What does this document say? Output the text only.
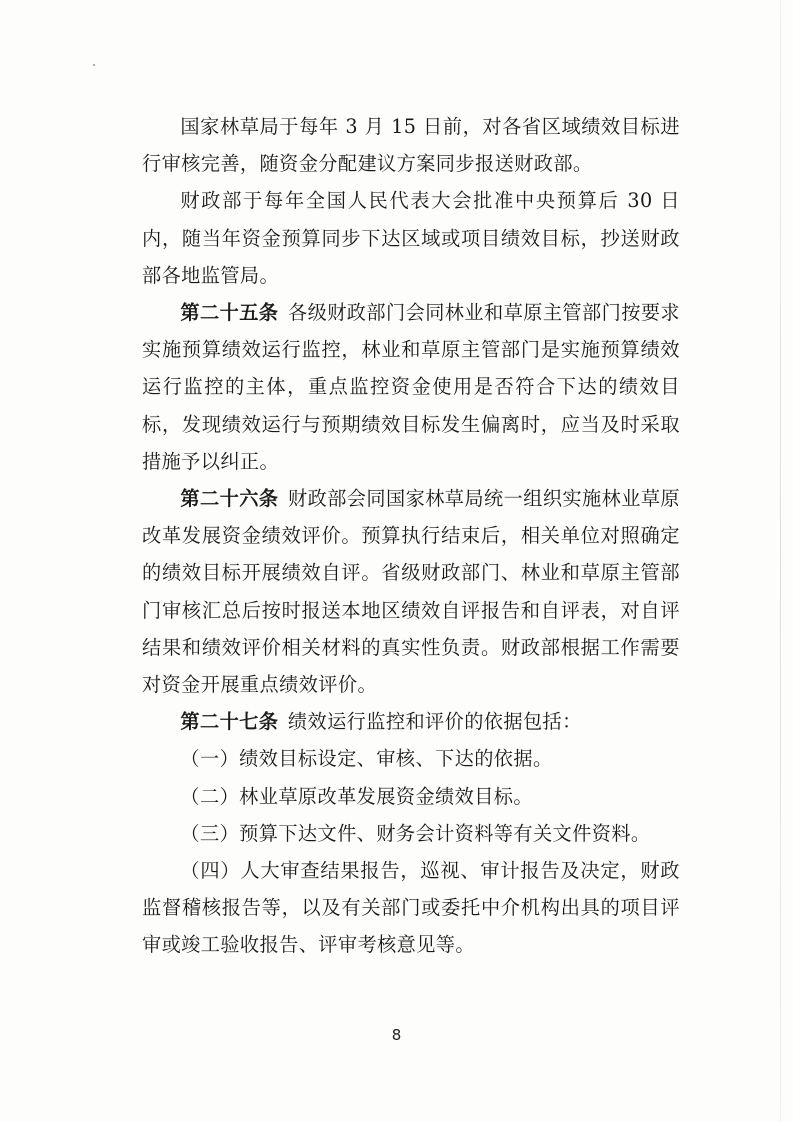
国家林草局于每年 3 月 15 日前，对各省区域绩效目标进行审核完善，随资金分配建议方案同步报送财政部。

财政部于每年全国人民代表大会批准中央预算后 30 日内，随当年资金预算同步下达区域或项目绩效目标，抄送财政部各地监管局。

第二十五条 各级财政部门会同林业和草原主管部门按要求实施预算绩效运行监控，林业和草原主管部门是实施预算绩效运行监控的主体，重点监控资金使用是否符合下达的绩效目标，发现绩效运行与预期绩效目标发生偏离时，应当及时采取措施予以纠正。

第二十六条 财政部会同国家林草局统一组织实施林业草原改革发展资金绩效评价。预算执行结束后，相关单位对照确定的绩效目标开展绩效自评。省级财政部门、林业和草原主管部门审核汇总后按时报送本地区绩效自评报告和自评表，对自评结果和绩效评价相关材料的真实性负责。财政部根据工作需要对资金开展重点绩效评价。

第二十七条 绩效运行监控和评价的依据包括：

（一）绩效目标设定、审核、下达的依据。

（二）林业草原改革发展资金绩效目标。

（三）预算下达文件、财务会计资料等有关文件资料。

（四）人大审查结果报告，巡视、审计报告及决定，财政监督稽核报告等，以及有关部门或委托中介机构出具的项目评审或竣工验收报告、评审考核意见等。

8
